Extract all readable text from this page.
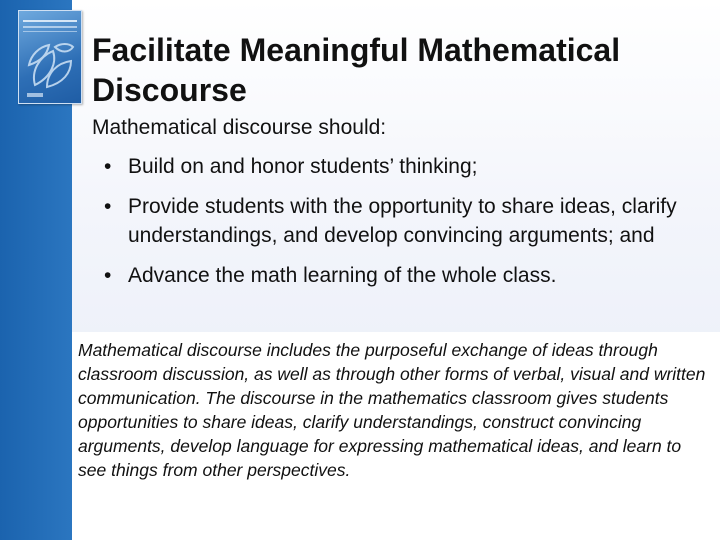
Facilitate Meaningful Mathematical Discourse
Mathematical discourse should:
• Build on and honor students’ thinking;
• Provide students with the opportunity to share ideas, clarify understandings, and develop convincing arguments; and
• Advance the math learning of the whole class.

Mathematical discourse includes the purposeful exchange of ideas through classroom discussion, as well as through other forms of verbal, visual and written communication. The discourse in the mathematics classroom gives students opportunities to share ideas, clarify understandings, construct convincing arguments, develop language for expressing mathematical ideas, and learn to see things from other perspectives.
